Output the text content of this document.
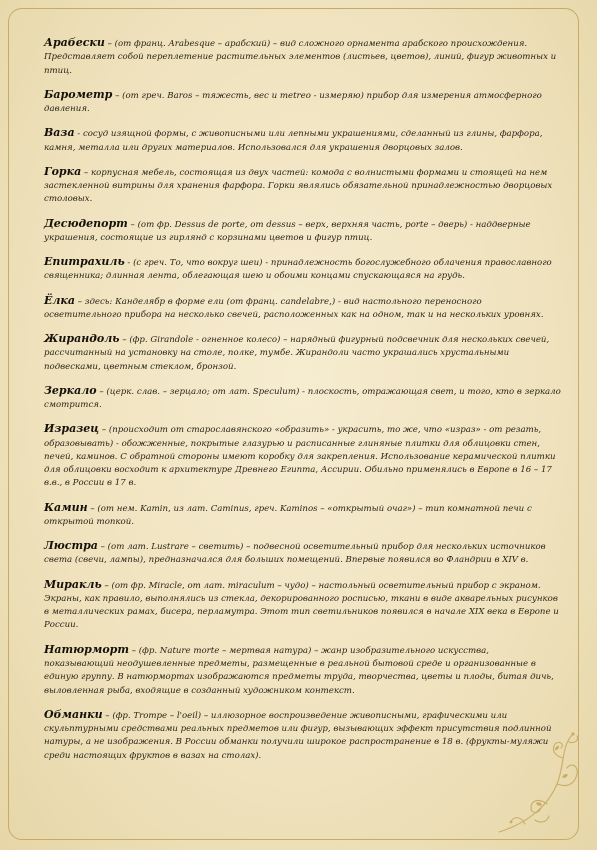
Арабески – (от франц. Arabesque – арабский) – вид сложного орнамента арабского происхождения. Представляет собой переплетение растительных элементов (листьев, цветов), линий, фигур животных и птиц.

Барометр – (от греч. Baros – тяжесть, вес и metreo - измеряю) прибор для измерения атмосферного давления.

Ваза - сосуд изящной формы, с живописными или лепными украшениями, сделанный из глины, фарфора, камня, металла или других материалов. Использовался для украшения дворцовых залов.

Горка – корпусная мебель, состоящая из двух частей: комода с волнистыми формами и стоящей на нем застекленной витрины для хранения фарфора. Горки являлись обязательной принадлежностью дворцовых столовых.

Десюдепорт – (от фр. Dessus de porte, от dessus – верх, верхняя часть, porte – дверь) - наддверные украшения, состоящие из гирлянд с корзинами цветов и фигур птиц.

Епитрахиль - (с греч. То, что вокруг шеи) - принадлежность богослужебного облачения православного священника; длинная лента, облегающая шею и обоими концами спускающаяся на грудь.

Ёлка – здесь: Канделябр в форме ели (от франц. candelabre,) - вид настольного переносного осветительного прибора на несколько свечей, расположенных как на одном, так и на нескольких уровнях.

Жирандоль – (фр. Girandole - огненное колесо) – нарядный фигурный подсвечник для нескольких свечей, рассчитанный на установку на столе, полке, тумбе. Жирандоли часто украшались хрустальными подвесками, цветным стеклом, бронзой.

Зеркало – (церк. слав. – зерцало; от лат. Speculum) - плоскость, отражающая свет, и того, кто в зеркало смотрится.

Изразец – (происходит от старославянского «образить» - украсить, то же, что «израз» - от резать, образовывать) - обожженные, покрытые глазурью и расписанные глиняные плитки для облицовки стен, печей, каминов. С обратной стороны имеют коробку для закрепления. Использование керамической плитки для облицовки восходит к архитектуре Древнего Египта, Ассирии. Обильно применялись в Европе в 16 – 17 в.в., в России в 17 в.

Камин – (от нем. Kamin, из лат. Caminus, греч. Kaminos – «открытый очаг») – тип комнатной печи с открытой топкой.

Люстра – (от лат. Lustrare – светить) – подвесной осветительный прибор для нескольких источников света (свечи, лампы), предназначался для больших помещений. Впервые появился во Фландрии в XIV в.

Миракль – (от фр. Miracle, от лат. miraculum – чудо) – настольный осветительный прибор с экраном. Экраны, как правило, выполнялись из стекла, декорированного росписью, ткани в виде акварельных рисунков в металлических рамах, бисера, перламутра. Этот тип светильников появился в начале XIX века в Европе и России.

Натюрморт – (фр. Nature morte – мертвая натура) – жанр изобразительного искусства, показывающий неодушевленные предметы, размещенные в реальной бытовой среде и организованные в единую группу. В натюрмортах изображаются предметы труда, творчества, цветы и плоды, битая дичь, выловленная рыба, входящие в созданный художником контекст.

Обманки – (фр. Trompe – l'oeil) – иллюзорное воспроизведение живописными, графическими или скульптурными средствами реальных предметов или фигур, вызывающих эффект присутствия подлинной натуры, а не изображения. В России обманки получили широкое распространение в 18 в. (фрукты-муляжи среди настоящих фруктов в вазах на столах).
